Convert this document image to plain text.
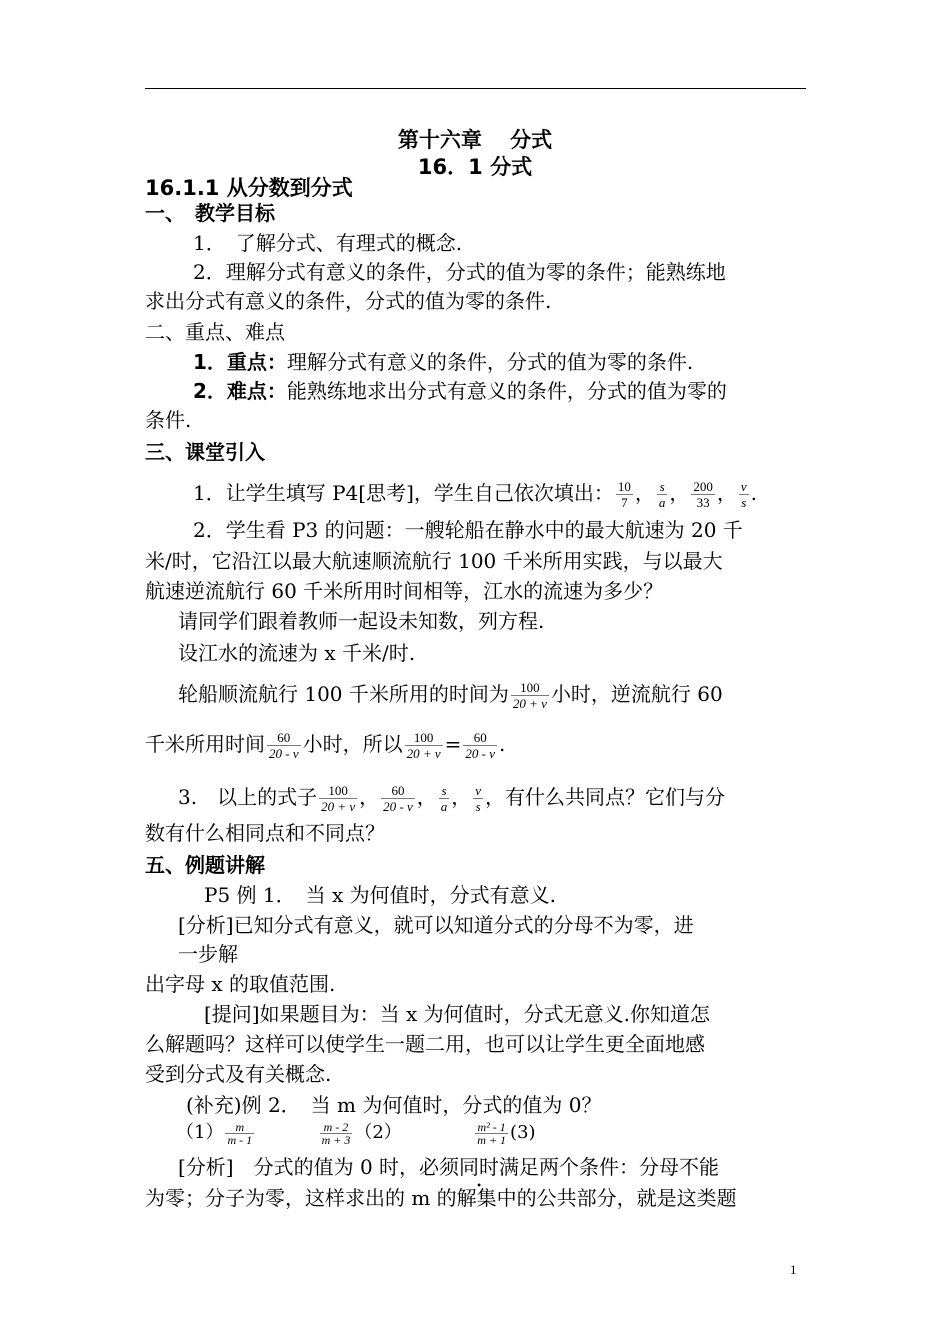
第十六章　 分式
16．1 分式
16.1.1 从分数到分式
一、　教学目标
1．　了解分式、有理式的概念.
2．理解分式有意义的条件，分式的值为零的条件；能熟练地
求出分式有意义的条件，分式的值为零的条件.
二、重点、难点
1．重点：理解分式有意义的条件，分式的值为零的条件.
2．难点：能熟练地求出分式有意义的条件，分式的值为零的
条件.
三、课堂引入
1．让学生填写 P4[思考]，学生自己依次填出： $\frac{10}{7}$ ， $\frac{s}{a}$ ， $\frac{200}{33}$ ， $\frac{v}{s}$ .
2．学生看 P3 的问题：一艘轮船在静水中的最大航速为 20 千
米/时，它沿江以最大航速顺流航行 100 千米所用实践，与以最大
航速逆流航行 60 千米所用时间相等，江水的流速为多少？
请同学们跟着教师一起设未知数，列方程.
设江水的流速为 x 千米/时.
轮船顺流航行 100 千米所用的时间为 $\frac{100}{20 + v}$ 小时，逆流航行 60
千米所用时间 $\frac{60}{20 - v}$ 小时，所以 $\frac{100}{20 + v} = \frac{60}{20 - v}$ .
3.　以上的式子 $\frac{100}{20 + v}$ ， $\frac{60}{20 - v}$ ， $\frac{s}{a}$ ， $\frac{v}{s}$ ，有什么共同点？它们与分
数有什么相同点和不同点？
五、例题讲解
P5 例 1．　当 x 为何值时，分式有意义.
[分析]已知分式有意义，就可以知道分式的分母不为零，进
一步解
出字母 x 的取值范围.
[提问]如果题目为：当 x 为何值时，分式无意义.你知道怎
么解题吗？这样可以使学生一题二用，也可以让学生更全面地感
受到分式及有关概念.
(补充)例 2．　当 m 为何值时，分式的值为 0？
$(1) \frac{m}{m - 1}$
	$\frac{m - 2}{m + 3} (2)$	$\frac{\text{m² - 1}}{m + 1} (3)$
[分析]　分式的值为 0 时，必须同时满足两个条件：分母不能
为零；分子为零，这样求出的 m 的解集中的公共部分，就是这类题
1
